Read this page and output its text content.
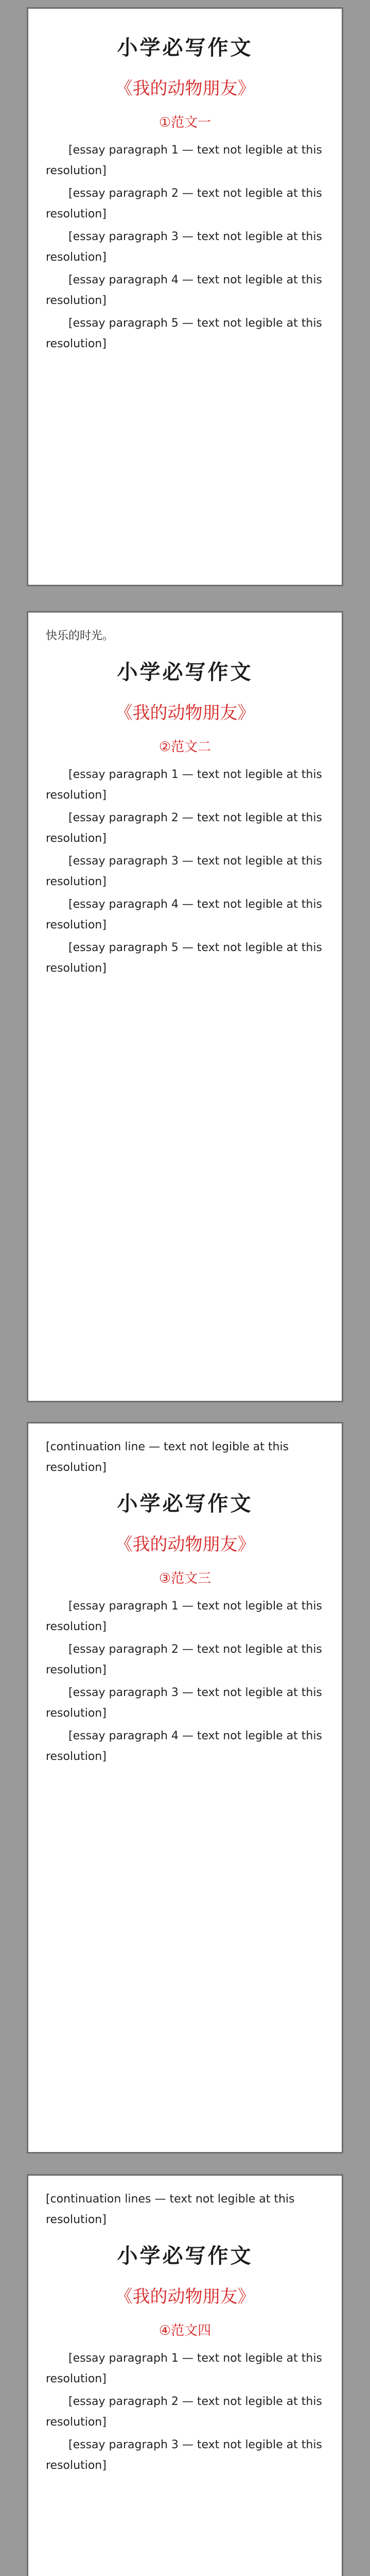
小学必写作文
《我的动物朋友》
①范文一

[essay paragraph 1 — text not legible at this resolution]

[essay paragraph 2 — text not legible at this resolution]

[essay paragraph 3 — text not legible at this resolution]

[essay paragraph 4 — text not legible at this resolution]

[essay paragraph 5 — text not legible at this resolution]

快乐的时光。
小学必写作文
《我的动物朋友》
②范文二

[essay paragraph 1 — text not legible at this resolution]

[essay paragraph 2 — text not legible at this resolution]

[essay paragraph 3 — text not legible at this resolution]

[essay paragraph 4 — text not legible at this resolution]

[essay paragraph 5 — text not legible at this resolution]

[continuation line — text not legible at this resolution]
小学必写作文
《我的动物朋友》
③范文三

[essay paragraph 1 — text not legible at this resolution]

[essay paragraph 2 — text not legible at this resolution]

[essay paragraph 3 — text not legible at this resolution]

[essay paragraph 4 — text not legible at this resolution]

[continuation lines — text not legible at this resolution]
小学必写作文
《我的动物朋友》
④范文四

[essay paragraph 1 — text not legible at this resolution]

[essay paragraph 2 — text not legible at this resolution]

[essay paragraph 3 — text not legible at this resolution]
